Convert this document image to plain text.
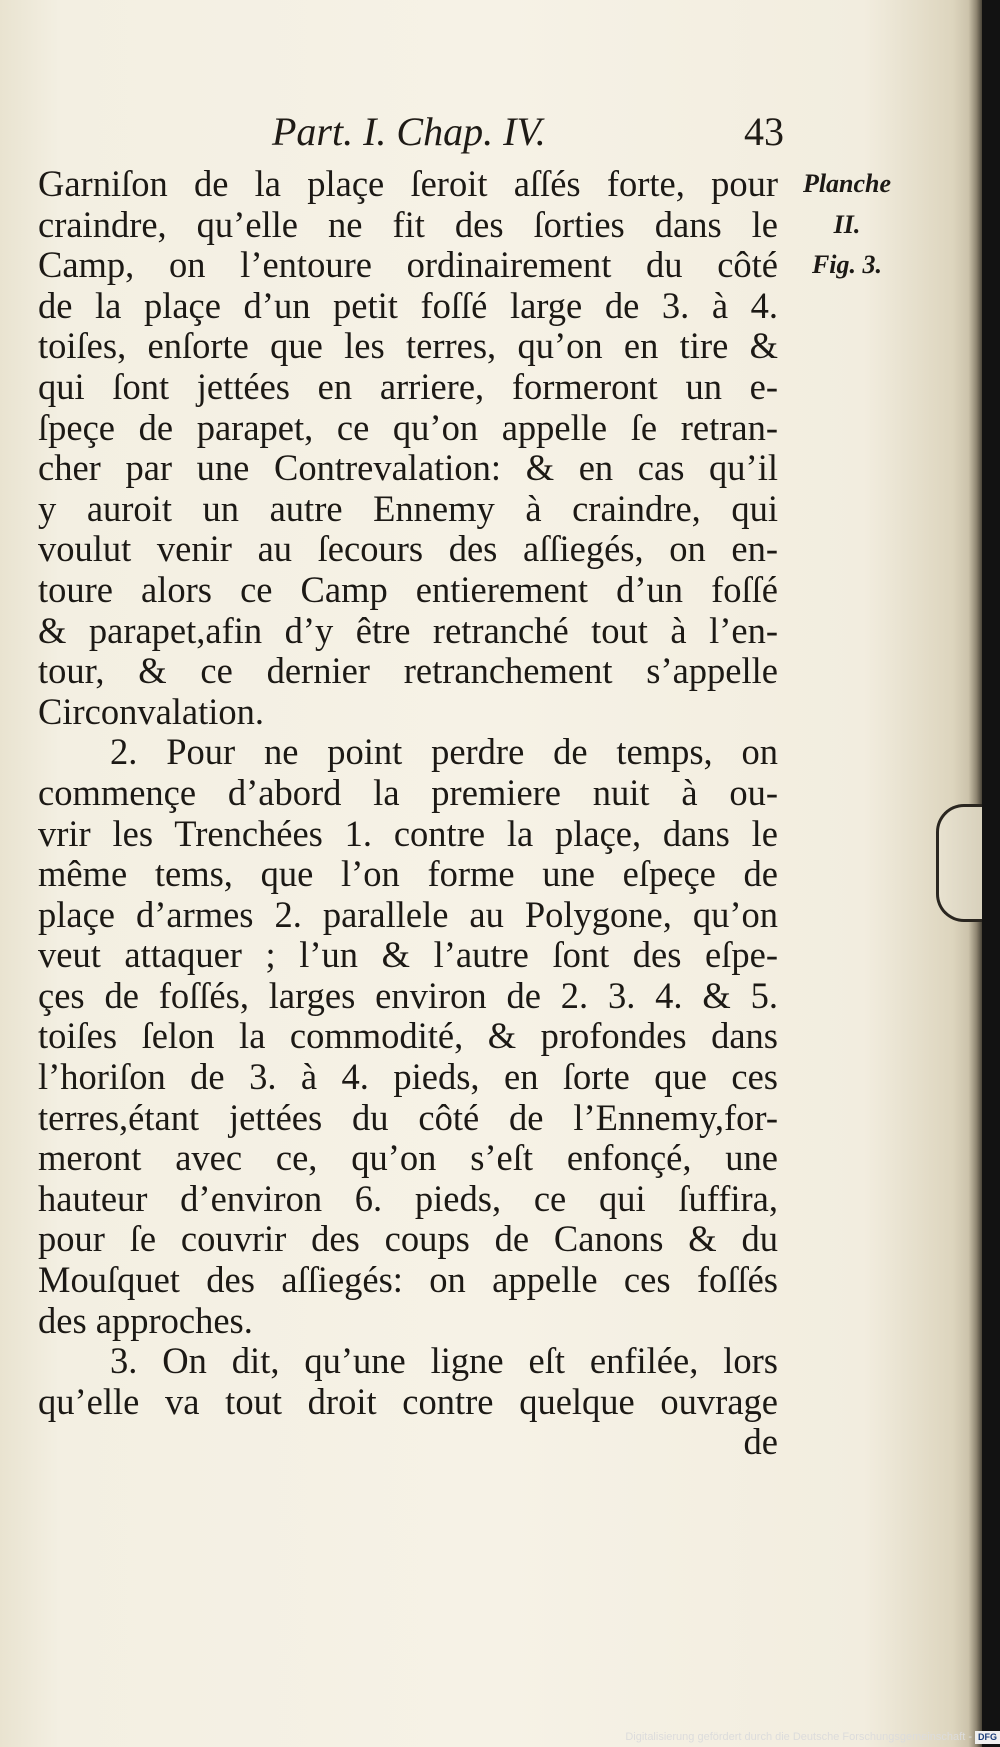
Part. I. Chap. IV.	43
Garniſon de la plaçe ſeroit aſſés forte, pour
craindre, qu’elle ne fit des ſorties dans le
Camp, on l’entoure ordinairement du côté
de la plaçe d’un petit foſſé large de 3. à 4.
toiſes, enſorte que les terres, qu’on en tire &
qui ſont jettées en arriere, formeront un e-
ſpeçe de parapet, ce qu’on appelle ſe retran-
cher par une Contrevalation: & en cas qu’il
y auroit un autre Ennemy à craindre, qui
voulut venir au ſecours des aſſiegés, on en-
toure alors ce Camp entierement d’un foſſé
& parapet,afin d’y être retranché tout à l’en-
tour, & ce dernier retranchement s’appelle
Circonvalation.
2. Pour ne point perdre de temps, on
commençe d’abord la premiere nuit à ou-
vrir les Trenchées 1. contre la plaçe, dans le
même tems, que l’on forme une eſpeçe de
plaçe d’armes 2. parallele au Polygone, qu’on
veut attaquer ; l’un & l’autre ſont des eſpe-
çes de foſſés, larges environ de 2. 3. 4. & 5.
toiſes ſelon la commodité, & profondes dans
l’horiſon de 3. à 4. pieds, en ſorte que ces
terres,étant jettées du côté de l’Ennemy,for-
meront avec ce, qu’on s’eſt enfonçé, une
hauteur d’environ 6. pieds, ce qui ſuffira,
pour ſe couvrir des coups de Canons & du
Mouſquet des aſſiegés: on appelle ces foſſés
des approches.
3. On dit, qu’une ligne eſt enfilée, lors
qu’elle va tout droit contre quelque ouvrage
de
Planche
II.
Fig. 3.
Digitalisierung gefördert durch die Deutsche Forschungsgemeinschaft - DFG
